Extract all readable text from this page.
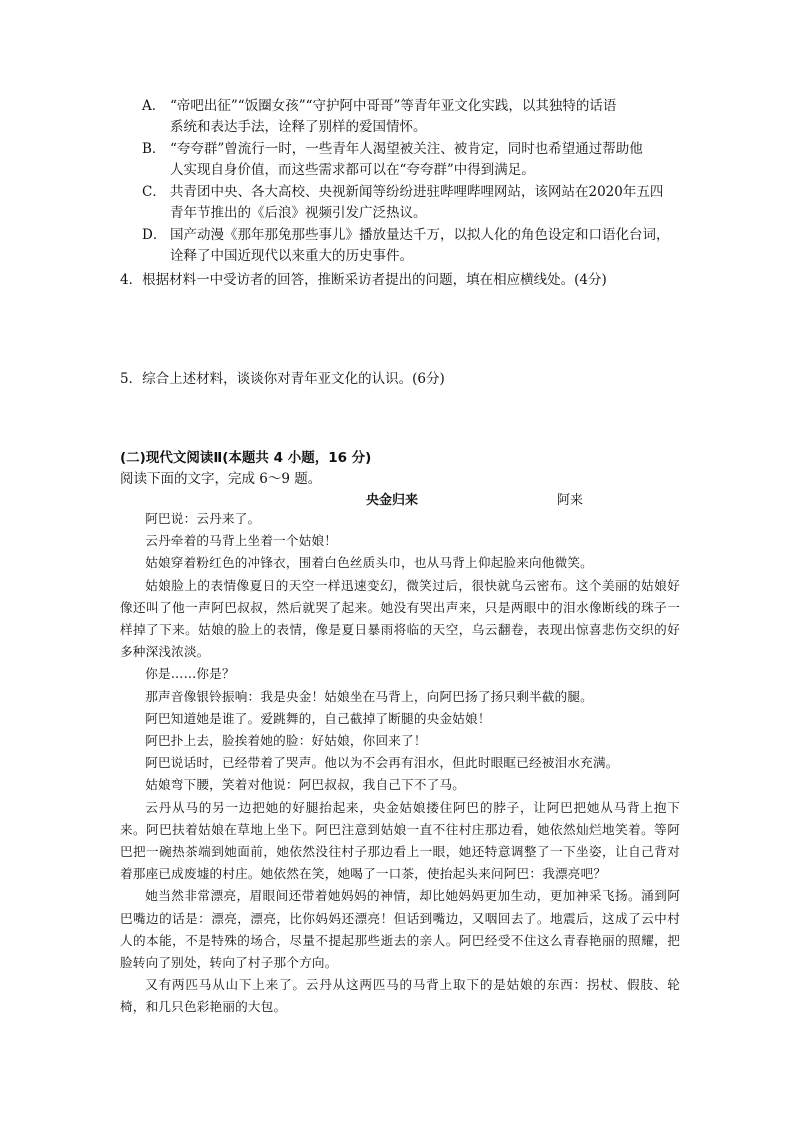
A． “帝吧出征”“饭圈女孩”“守护阿中哥哥”等青年亚文化实践，以其独特的话语
系统和表达手法，诠释了别样的爱国情怀。
B． “夸夸群”曾流行一时，一些青年人渴望被关注、被肯定，同时也希望通过帮助他
人实现自身价值，而这些需求都可以在“夸夸群”中得到满足。
C． 共青团中央、各大高校、央视新闻等纷纷进驻哔哩哔哩网站，该网站在2020年五四
青年节推出的《后浪》视频引发广泛热议。
D． 国产动漫《那年那兔那些事儿》播放量达千万，以拟人化的角色设定和口语化台词，
诠释了中国近现代以来重大的历史事件。
4．根据材料一中受访者的回答，推断采访者提出的问题，填在相应横线处。(4分)
5．综合上述材料，谈谈你对青年亚文化的认识。(6分)
(二)现代文阅读Ⅱ(本题共 4 小题，16 分)
阅读下面的文字，完成 6～9 题。
央金归来	阿来

阿巴说：云丹来了。

云丹牵着的马背上坐着一个姑娘！

姑娘穿着粉红色的冲锋衣，围着白色丝质头巾，也从马背上仰起脸来向他微笑。

姑娘脸上的表情像夏日的天空一样迅速变幻，微笑过后，很快就乌云密布。这个美丽的姑娘好像还叫了他一声阿巴叔叔，然后就哭了起来。她没有哭出声来，只是两眼中的泪水像断线的珠子一样掉了下来。姑娘的脸上的表情，像是夏日暴雨将临的天空，乌云翻卷，表现出惊喜悲伤交织的好多种深浅浓淡。

你是……你是？

那声音像银铃振响：我是央金！姑娘坐在马背上，向阿巴扬了扬只剩半截的腿。

阿巴知道她是谁了。爱跳舞的，自己截掉了断腿的央金姑娘！

阿巴扑上去，脸挨着她的脸：好姑娘，你回来了！

阿巴说话时，已经带着了哭声。他以为不会再有泪水，但此时眼眶已经被泪水充满。

姑娘弯下腰，笑着对他说：阿巴叔叔，我自己下不了马。

云丹从马的另一边把她的好腿抬起来，央金姑娘搂住阿巴的脖子，让阿巴把她从马背上抱下来。阿巴扶着姑娘在草地上坐下。阿巴注意到姑娘一直不往村庄那边看，她依然灿烂地笑着。等阿巴把一碗热茶端到她面前，她依然没往村子那边看上一眼，她还特意调整了一下坐姿，让自己背对着那座已成废墟的村庄。她依然在笑，她喝了一口茶，使抬起头来问阿巴：我漂亮吧？

她当然非常漂亮，眉眼间还带着她妈妈的神情，却比她妈妈更加生动，更加神采飞扬。涌到阿巴嘴边的话是：漂亮，漂亮，比你妈妈还漂亮！但话到嘴边，又咽回去了。地震后，这成了云中村人的本能，不是特殊的场合，尽量不提起那些逝去的亲人。阿巴经受不住这么青春艳丽的照耀，把脸转向了别处，转向了村子那个方向。

又有两匹马从山下上来了。云丹从这两匹马的马背上取下的是姑娘的东西：拐杖、假肢、轮椅，和几只色彩艳丽的大包。
